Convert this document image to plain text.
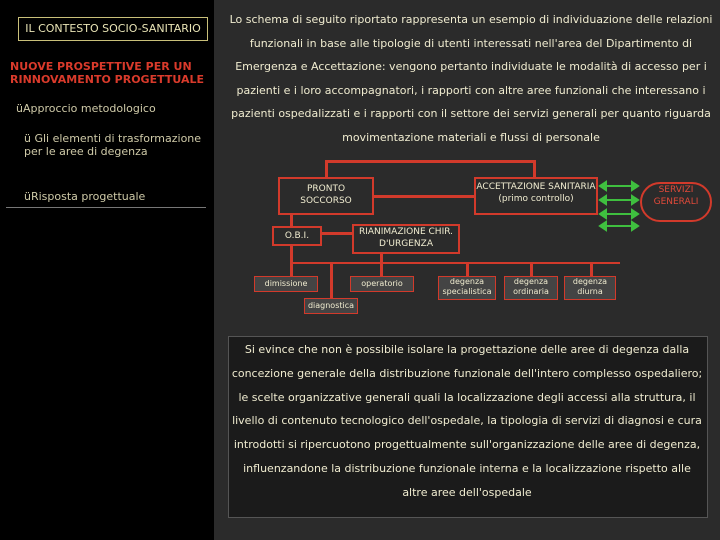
IL CONTESTO SOCIO-SANITARIO
NUOVE PROSPETTIVE PER UN RINNOVAMENTO PROGETTUALE
üApproccio metodologico
ü Gli elementi di trasformazione per le aree di degenza
üRisposta progettuale
Lo schema di seguito riportato rappresenta un esempio di individuazione delle relazioni funzionali in base alle tipologie di utenti interessati nell'area del Dipartimento di Emergenza e Accettazione: vengono pertanto individuate le modalità di accesso per i pazienti e i loro accompagnatori, i rapporti con altre aree funzionali che interessano i pazienti ospedalizzati e i rapporti con il settore dei servizi generali per quanto riguarda movimentazione materiali e flussi di personale
PRONTO SOCCORSO
ACCETTAZIONE SANITARIA (primo controllo)
SERVIZI GENERALI
O.B.I.	RIANIMAZIONE CHIR. D'URGENZA
dimissione	operatorio	degenza specialistica
degenza ordinaria
degenza diurna
diagnostica
Si evince che non è possibile isolare la progettazione delle aree di degenza dalla concezione generale della distribuzione funzionale dell'intero complesso ospedaliero; le scelte organizzative generali quali la localizzazione degli accessi alla struttura, il livello di contenuto tecnologico dell'ospedale, la tipologia di servizi di diagnosi e cura introdotti si ripercuotono progettualmente sull'organizzazione delle aree di degenza, influenzandone la distribuzione funzionale interna e la localizzazione rispetto alle altre aree dell'ospedale
